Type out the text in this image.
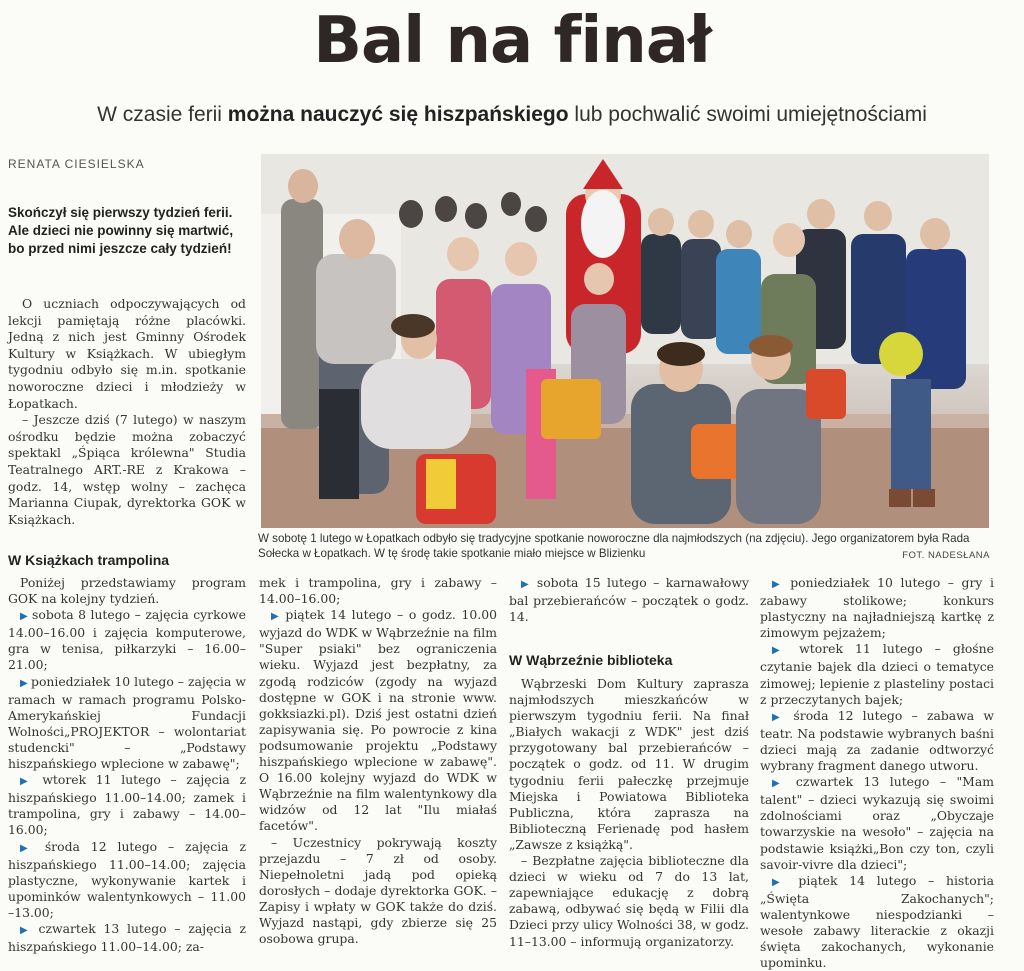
Bal na finał
W czasie ferii można nauczyć się hiszpańskiego lub pochwalić swoimi umiejętnościami
RENATA CIESIELSKA
Skończył się pierwszy tydzień ferii. Ale dzieci nie powinny się martwić, bo przed nimi jeszcze cały tydzień!

O uczniach odpoczywających od lekcji pamiętają różne placówki. Jedną z nich jest Gminny Ośrodek Kultury w Książkach. W ubiegłym tygodniu odbyło się m.in. spotkanie noworoczne dzieci i młodzieży w Łopatkach.

– Jeszcze dziś (7 lutego) w naszym ośrodku będzie można zobaczyć spektakl „Śpiąca królewna" Studia Teatralnego ART.-RE z Krakowa – godz. 14, wstęp wolny – zachęca Marianna Ciupak, dyrektorka GOK w Książkach.

W sobotę 1 lutego w Łopatkach odbyło się tradycyjne spotkanie noworoczne dla najmłodszych (na zdjęciu). Jego organizatorem była Rada Sołecka w Łopatkach. W tę środę takie spotkanie miało miejsce w Blizienku	FOT. NADESŁANA
W Książkach trampolina

Poniżej przedstawiamy program GOK na kolejny tydzień.

▶ sobota 8 lutego – zajęcia cyrkowe 14.00–16.00 i zajęcia komputerowe, gra w tenisa, piłkarzyki – 16.00–21.00;

▶ poniedziałek 10 lutego – zajęcia w ramach w ramach programu Polsko-Amerykańskiej Fundacji Wolności„PROJEKTOR – wolontariat studencki" – „Podstawy hiszpańskiego wplecione w zabawę";

▶ wtorek 11 lutego – zajęcia z hiszpańskiego 11.00–14.00; zamek i trampolina, gry i zabawy – 14.00–16.00;

▶ środa 12 lutego – zajęcia z hiszpańskiego 11.00–14.00; zajęcia plastyczne, wykonywanie kartek i upominków walentynkowych – 11.00 –13.00;

▶ czwartek 13 lutego – zajęcia z hiszpańskiego 11.00–14.00; za-

mek i trampolina, gry i zabawy – 14.00–16.00;

▶ piątek 14 lutego – o godz. 10.00 wyjazd do WDK w Wąbrzeźnie na film "Super psiaki" bez ograniczenia wieku. Wyjazd jest bezpłatny, za zgodą rodziców (zgody na wyjazd dostępne w GOK i na stronie www. gokksiazki.pl). Dziś jest ostatni dzień zapisywania się. Po powrocie z kina podsumowanie projektu „Podstawy hiszpańskiego wplecione w zabawę". O 16.00 kolejny wyjazd do WDK w Wąbrzeźnie na film walentynkowy dla widzów od 12 lat "Ilu miałaś facetów".

– Uczestnicy pokrywają koszty przejazdu – 7 zł od osoby. Niepełnoletni jadą pod opieką dorosłych – dodaje dyrektorka GOK. – Zapisy i wpłaty w GOK także do dziś. Wyjazd nastąpi, gdy zbierze się 25 osobowa grupa.

▶ sobota 15 lutego – karnawałowy bal przebierańców – początek o godz. 14.

W Wąbrzeźnie biblioteka

Wąbrzeski Dom Kultury zaprasza najmłodszych mieszkańców w pierwszym tygodniu ferii. Na finał „Białych wakacji z WDK" jest dziś przygotowany bal przebierańców – początek o godz. od 11. W drugim tygodniu ferii pałeczkę przejmuje Miejska i Powiatowa Biblioteka Publiczna, która zaprasza na Biblioteczną Ferienadę pod hasłem „Zawsze z książką".

– Bezpłatne zajęcia biblioteczne dla dzieci w wieku od 7 do 13 lat, zapewniające edukację z dobrą zabawą, odbywać się będą w Filii dla Dzieci przy ulicy Wolności 38, w godz. 11–13.00 – informują organizatorzy.

▶ poniedziałek 10 lutego – gry i zabawy stolikowe; konkurs plastyczny na najładniejszą kartkę z zimowym pejzażem;

▶ wtorek 11 lutego – głośne czytanie bajek dla dzieci o tematyce zimowej; lepienie z plasteliny postaci z przeczytanych bajek;

▶ środa 12 lutego – zabawa w teatr. Na podstawie wybranych baśni dzieci mają za zadanie odtworzyć wybrany fragment danego utworu.

▶ czwartek 13 lutego – "Mam talent" – dzieci wykazują się swoimi zdolnościami oraz „Obyczaje towarzyskie na wesoło" – zajęcia na podstawie książki„Bon czy ton, czyli savoir-vivre dla dzieci";

▶ piątek 14 lutego – historia „Święta Zakochanych"; walentynkowe niespodzianki – wesołe zabawy literackie z okazji święta zakochanych, wykonanie upominku.
